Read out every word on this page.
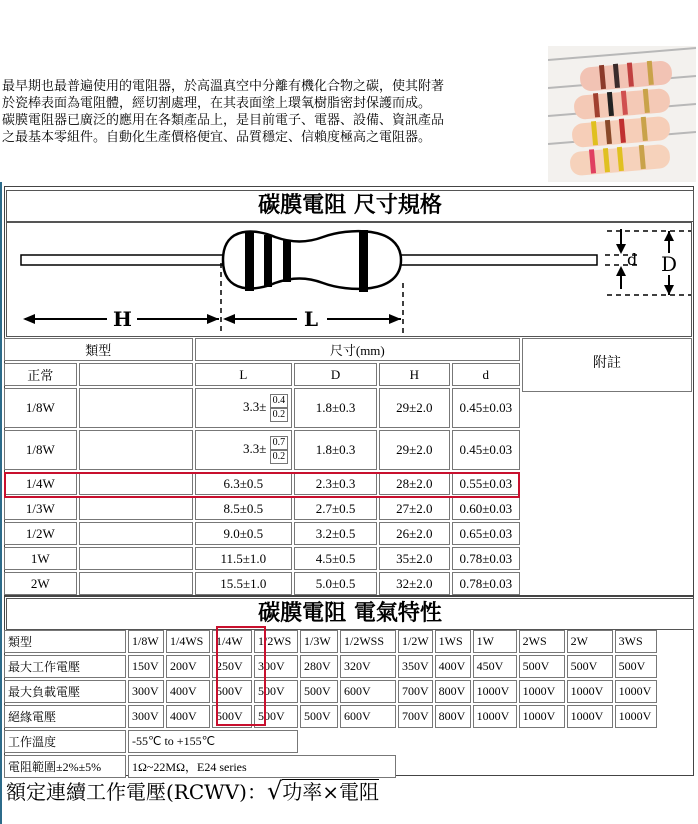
最早期也最普遍使用的電阻器，於高溫真空中分離有機化合物之碳，使其附著
於瓷棒表面為電阻體，經切割處理，在其表面塗上環氧樹脂密封保護而成。
碳膜電阻器已廣泛的應用在各類產品上，是目前電子、電器、設備、資訊產品
之最基本零組件。自動化生產價格便宜、品質穩定、信賴度極高之電阻器。
碳膜電阻 尺寸規格
H	L
d D
類型		尺寸(mm)			
正常		L	D	H	d
1/8W		$3.3\pm \frac{0.4}{0.2}$	1.8±0.3	29±2.0	0.45±0.03
1/8W		$3.3\pm \frac{0.7}{0.2}$	1.8±0.3	29±2.0	0.45±0.03
1/4W		6.3±0.5	2.3±0.3	28±2.0	0.55±0.03
1/3W		8.5±0.5	2.7±0.5	27±2.0	0.60±0.03
1/2W		9.0±0.5	3.2±0.5	26±2.0	0.65±0.03
1W		11.5±1.0	4.5±0.5	35±2.0	0.78±0.03
2W		15.5±1.0	5.0±0.5	32±2.0	0.78±0.03
附註
碳膜電阻 電氣特性
類型	1/8W	1/4WS	1/4W	1/2WS	1/3W	1/2WSS	1/2W	1WS	1W	2WS	2W	3WS
最大工作電壓	150V	200V	250V	300V	280V	320V	350V	400V	450V	500V	500V	500V
最大負載電壓	300V	400V	500V	500V	500V	600V	700V	800V	1000V	1000V	1000V	1000V
絕緣電壓	300V	400V	500V	500V	500V	600V	700V	800V	1000V	1000V	1000V	1000V
工作溫度	-55℃ to +155℃											
電阻範圍±2%±5%	1Ω~22MΩ，E24 series											
額定連續工作電壓(RCWV)：√功率×電阻
